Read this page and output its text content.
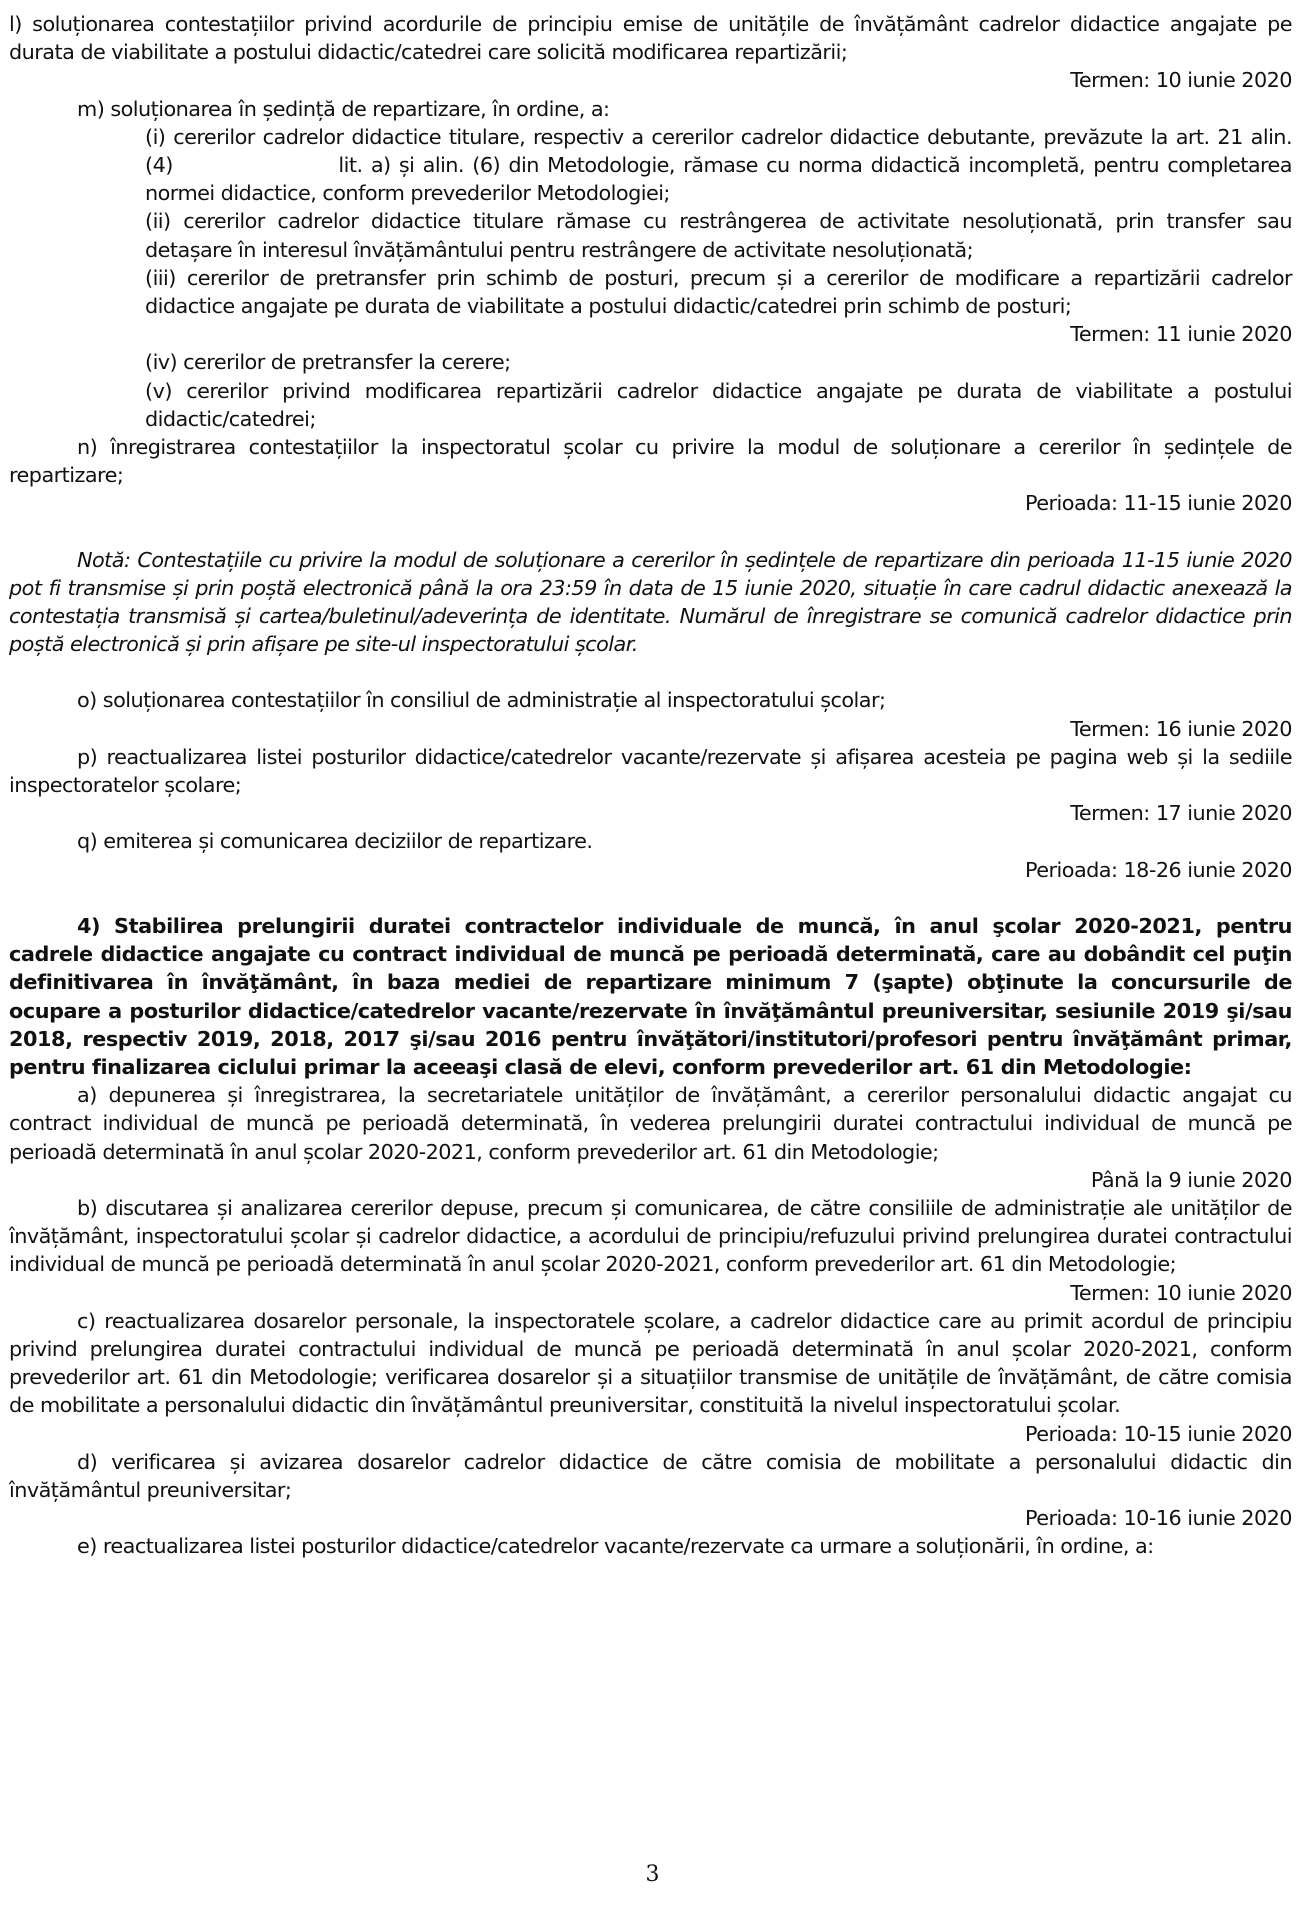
l) soluționarea contestațiilor privind acordurile de principiu emise de unitățile de învățământ cadrelor didactice angajate pe durata de viabilitate a postului didactic/catedrei care solicită modificarea repartizării;

Termen: 10 iunie 2020

m) soluționarea în ședință de repartizare, în ordine, a:

(i) cererilor cadrelor didactice titulare, respectiv a cererilor cadrelor didactice debutante, prevăzute la art. 21 alin. (4)                    lit. a) și alin. (6) din Metodologie, rămase cu norma didactică incompletă, pentru completarea normei didactice, conform prevederilor Metodologiei;

(ii) cererilor cadrelor didactice titulare rămase cu restrângerea de activitate nesoluționată, prin transfer sau detașare în interesul învățământului pentru restrângere de activitate nesoluționată;

(iii) cererilor de pretransfer prin schimb de posturi, precum și a cererilor de modificare a repartizării cadrelor didactice angajate pe durata de viabilitate a postului didactic/catedrei prin schimb de posturi;

Termen: 11 iunie 2020

(iv) cererilor de pretransfer la cerere;

(v) cererilor privind modificarea repartizării cadrelor didactice angajate pe durata de viabilitate a postului didactic/catedrei;

n) înregistrarea contestațiilor la inspectoratul școlar cu privire la modul de soluționare a cererilor în ședințele de repartizare;

Perioada: 11-15 iunie 2020

Notă: Contestațiile cu privire la modul de soluționare a cererilor în ședințele de repartizare din perioada 11-15 iunie 2020 pot fi transmise și prin poștă electronică până la ora 23:59 în data de 15 iunie 2020, situație în care cadrul didactic anexează la contestația transmisă și cartea/buletinul/adeverința de identitate. Numărul de înregistrare se comunică cadrelor didactice prin poștă electronică și prin afișare pe site-ul inspectoratului școlar.

o) soluționarea contestațiilor în consiliul de administrație al inspectoratului școlar;

Termen: 16 iunie 2020

p) reactualizarea listei posturilor didactice/catedrelor vacante/rezervate și afișarea acesteia pe pagina web și la sediile inspectoratelor școlare;

Termen: 17 iunie 2020

q) emiterea și comunicarea deciziilor de repartizare.

Perioada: 18-26 iunie 2020

4) Stabilirea prelungirii duratei contractelor individuale de muncă, în anul şcolar 2020-2021, pentru cadrele didactice angajate cu contract individual de muncă pe perioadă determinată, care au dobândit cel puţin definitivarea în învăţământ, în baza mediei de repartizare minimum 7 (şapte) obţinute la concursurile de ocupare a posturilor didactice/catedrelor vacante/rezervate în învăţământul preuniversitar, sesiunile 2019 şi/sau 2018, respectiv 2019, 2018, 2017 şi/sau 2016 pentru învăţători/institutori/profesori pentru învăţământ primar, pentru finalizarea ciclului primar la aceeaşi clasă de elevi, conform prevederilor art. 61 din Metodologie:

a) depunerea și înregistrarea, la secretariatele unităților de învățământ, a cererilor personalului didactic angajat cu contract individual de muncă pe perioadă determinată, în vederea prelungirii duratei contractului individual de muncă pe perioadă determinată în anul școlar 2020-2021, conform prevederilor art. 61 din Metodologie;

Până la 9 iunie 2020

b) discutarea și analizarea cererilor depuse, precum și comunicarea, de către consiliile de administrație ale unităților de învățământ, inspectoratului școlar și cadrelor didactice, a acordului de principiu/refuzului privind prelungirea duratei contractului individual de muncă pe perioadă determinată în anul școlar 2020-2021, conform prevederilor art. 61 din Metodologie;

Termen: 10 iunie 2020

c) reactualizarea dosarelor personale, la inspectoratele școlare, a cadrelor didactice care au primit acordul de principiu privind prelungirea duratei contractului individual de muncă pe perioadă determinată în anul școlar 2020-2021, conform prevederilor art. 61 din Metodologie; verificarea dosarelor și a situațiilor transmise de unitățile de învățământ, de către comisia de mobilitate a personalului didactic din învățământul preuniversitar, constituită la nivelul inspectoratului școlar.

Perioada: 10-15 iunie 2020

d) verificarea și avizarea dosarelor cadrelor didactice de către comisia de mobilitate a personalului didactic din învățământul preuniversitar;

Perioada: 10-16 iunie 2020

e) reactualizarea listei posturilor didactice/catedrelor vacante/rezervate ca urmare a soluționării, în ordine, a:

3
